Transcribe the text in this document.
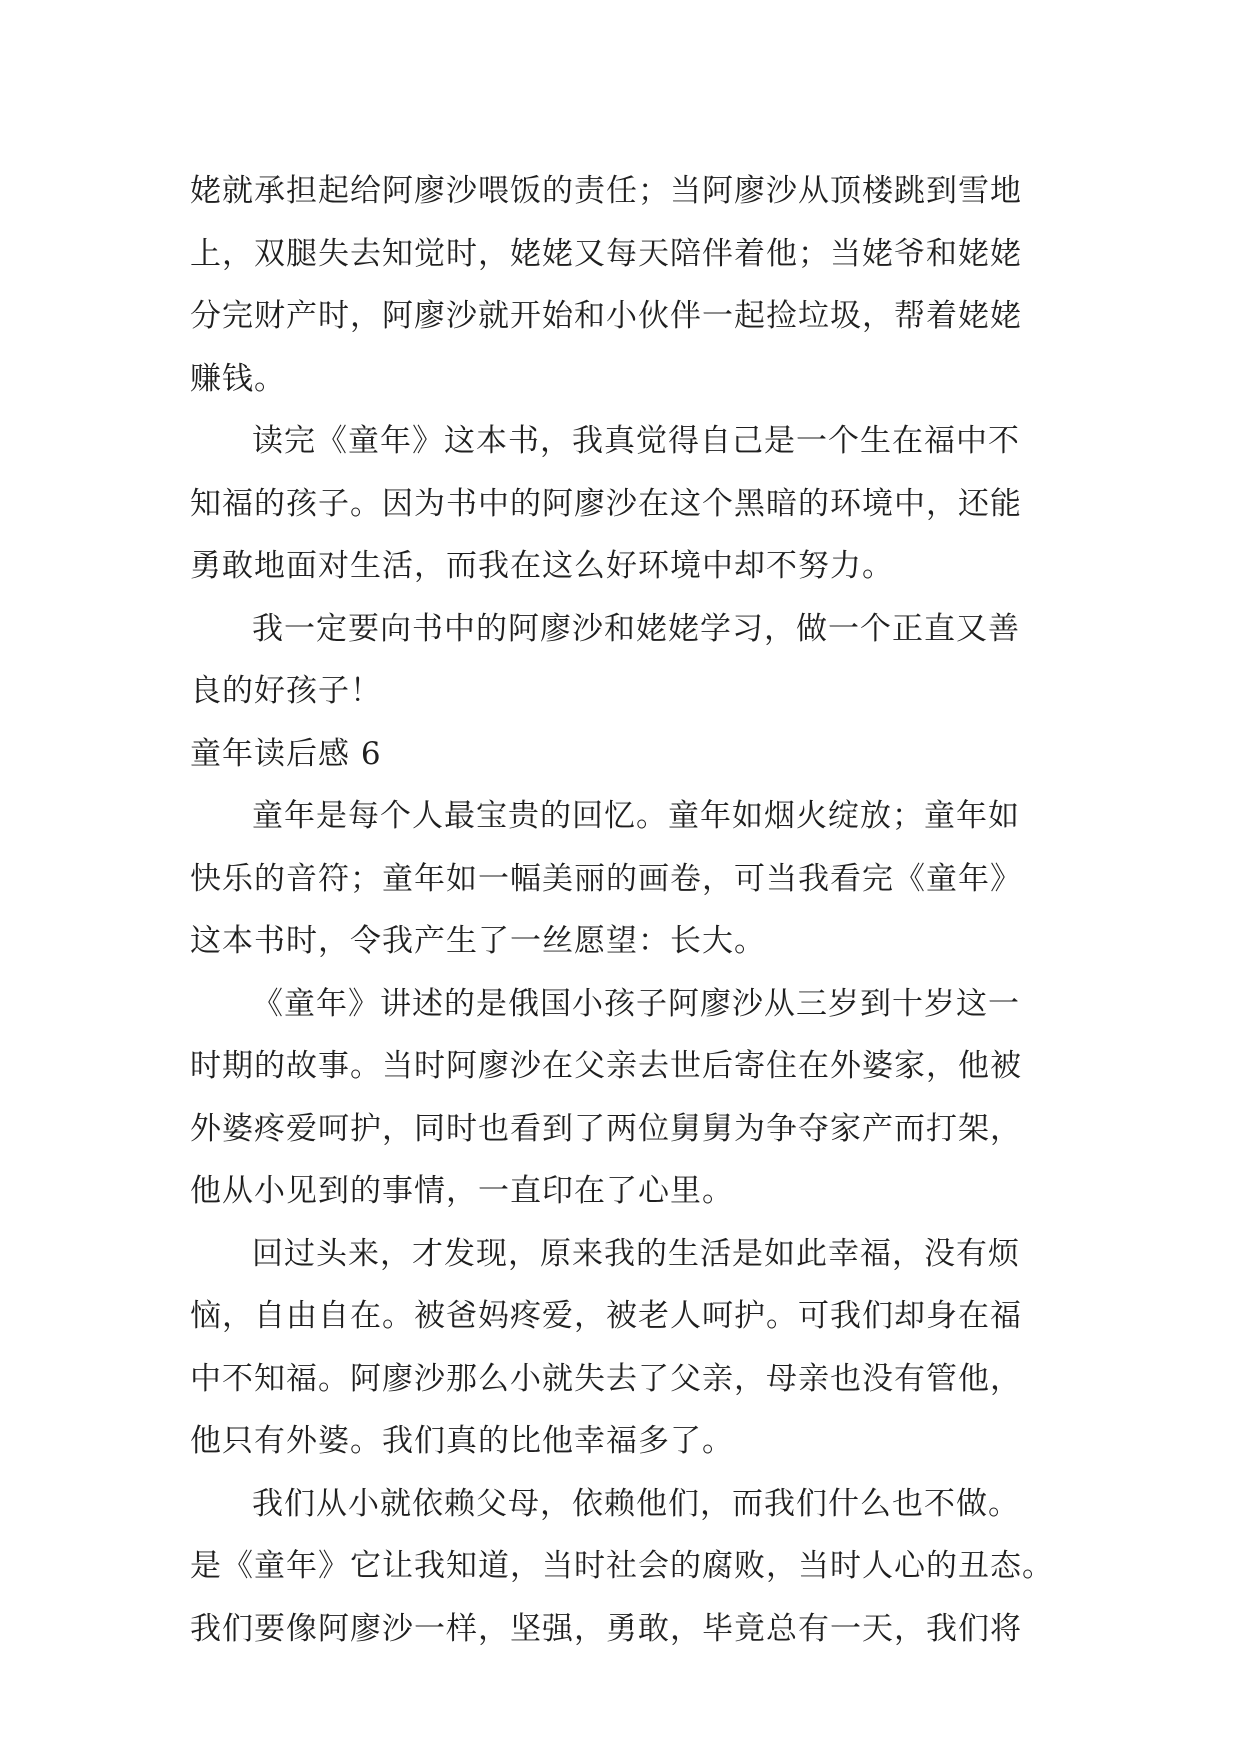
姥就承担起给阿廖沙喂饭的责任；当阿廖沙从顶楼跳到雪地
上，双腿失去知觉时，姥姥又每天陪伴着他；当姥爷和姥姥
分完财产时，阿廖沙就开始和小伙伴一起捡垃圾，帮着姥姥
赚钱。

读完《童年》这本书，我真觉得自己是一个生在福中不
知福的孩子。因为书中的阿廖沙在这个黑暗的环境中，还能
勇敢地面对生活，而我在这么好环境中却不努力。

我一定要向书中的阿廖沙和姥姥学习，做一个正直又善
良的好孩子！

童年读后感 6

童年是每个人最宝贵的回忆。童年如烟火绽放；童年如
快乐的音符；童年如一幅美丽的画卷，可当我看完《童年》
这本书时，令我产生了一丝愿望：长大。

《童年》讲述的是俄国小孩子阿廖沙从三岁到十岁这一
时期的故事。当时阿廖沙在父亲去世后寄住在外婆家，他被
外婆疼爱呵护，同时也看到了两位舅舅为争夺家产而打架，
他从小见到的事情，一直印在了心里。

回过头来，才发现，原来我的生活是如此幸福，没有烦
恼，自由自在。被爸妈疼爱，被老人呵护。可我们却身在福
中不知福。阿廖沙那么小就失去了父亲，母亲也没有管他，
他只有外婆。我们真的比他幸福多了。

我们从小就依赖父母，依赖他们，而我们什么也不做。
是《童年》它让我知道，当时社会的腐败，当时人心的丑态。
我们要像阿廖沙一样，坚强，勇敢，毕竟总有一天，我们将
